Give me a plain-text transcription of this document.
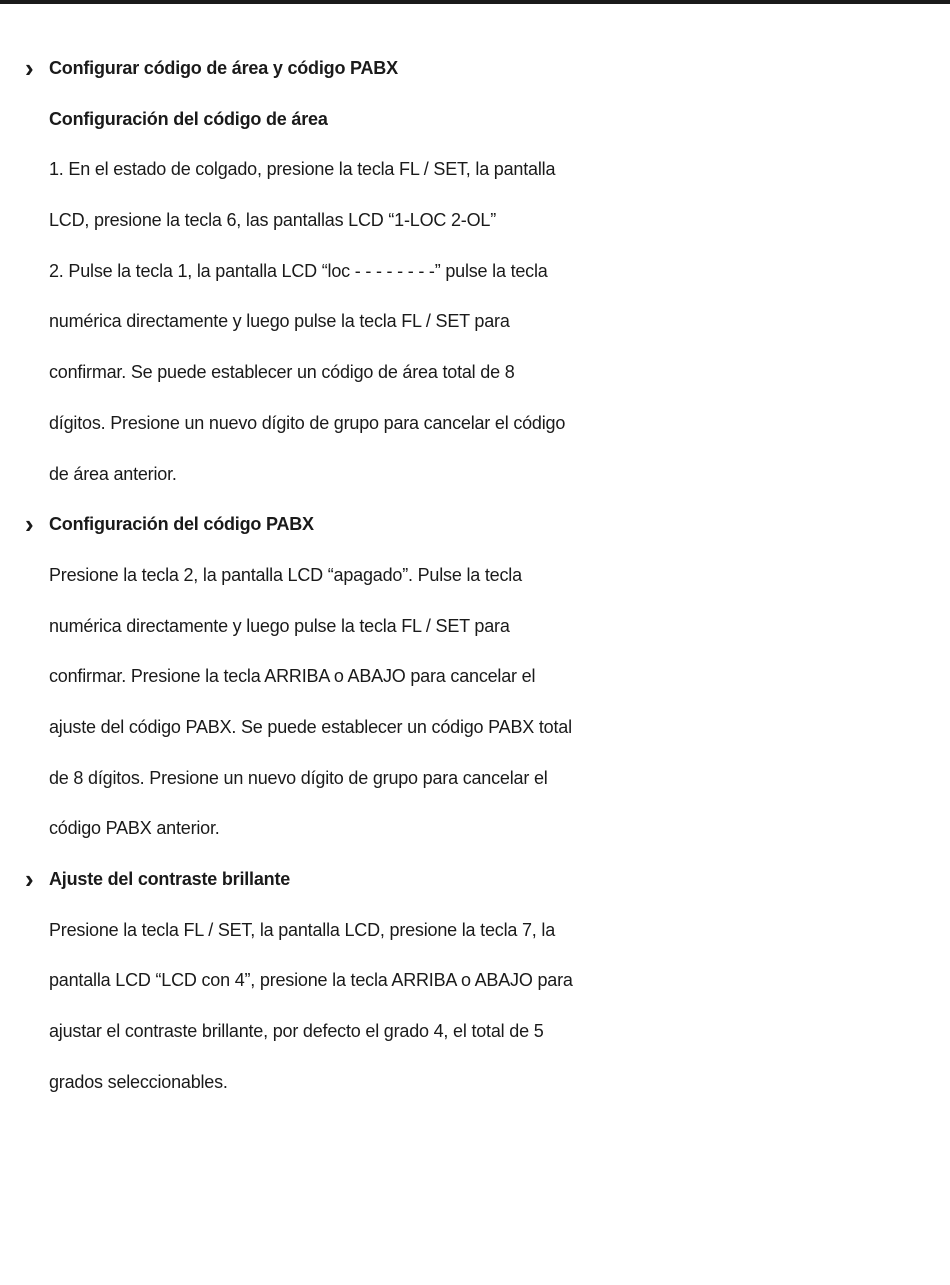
› Configurar código de área y código PABX
Configuración del código de área
1. En el estado de colgado, presione la tecla FL / SET, la pantalla
LCD, presione la tecla 6, las pantallas LCD “1-LOC 2-OL”
2. Pulse la tecla 1, la pantalla LCD “loc - - - - - - - -” pulse la tecla
numérica directamente y luego pulse la tecla FL / SET para
confirmar. Se puede establecer un código de área total de 8
dígitos. Presione un nuevo dígito de grupo para cancelar el código
de área anterior.
› Configuración del código PABX
Presione la tecla 2, la pantalla LCD “apagado”. Pulse la tecla
numérica directamente y luego pulse la tecla FL / SET para
confirmar. Presione la tecla ARRIBA o ABAJO para cancelar el
ajuste del código PABX. Se puede establecer un código PABX total
de 8 dígitos. Presione un nuevo dígito de grupo para cancelar el
código PABX anterior.
› Ajuste del contraste brillante
Presione la tecla FL / SET, la pantalla LCD, presione la tecla 7, la
pantalla LCD “LCD con 4”, presione la tecla ARRIBA o ABAJO para
ajustar el contraste brillante, por defecto el grado 4, el total de 5
grados seleccionables.
